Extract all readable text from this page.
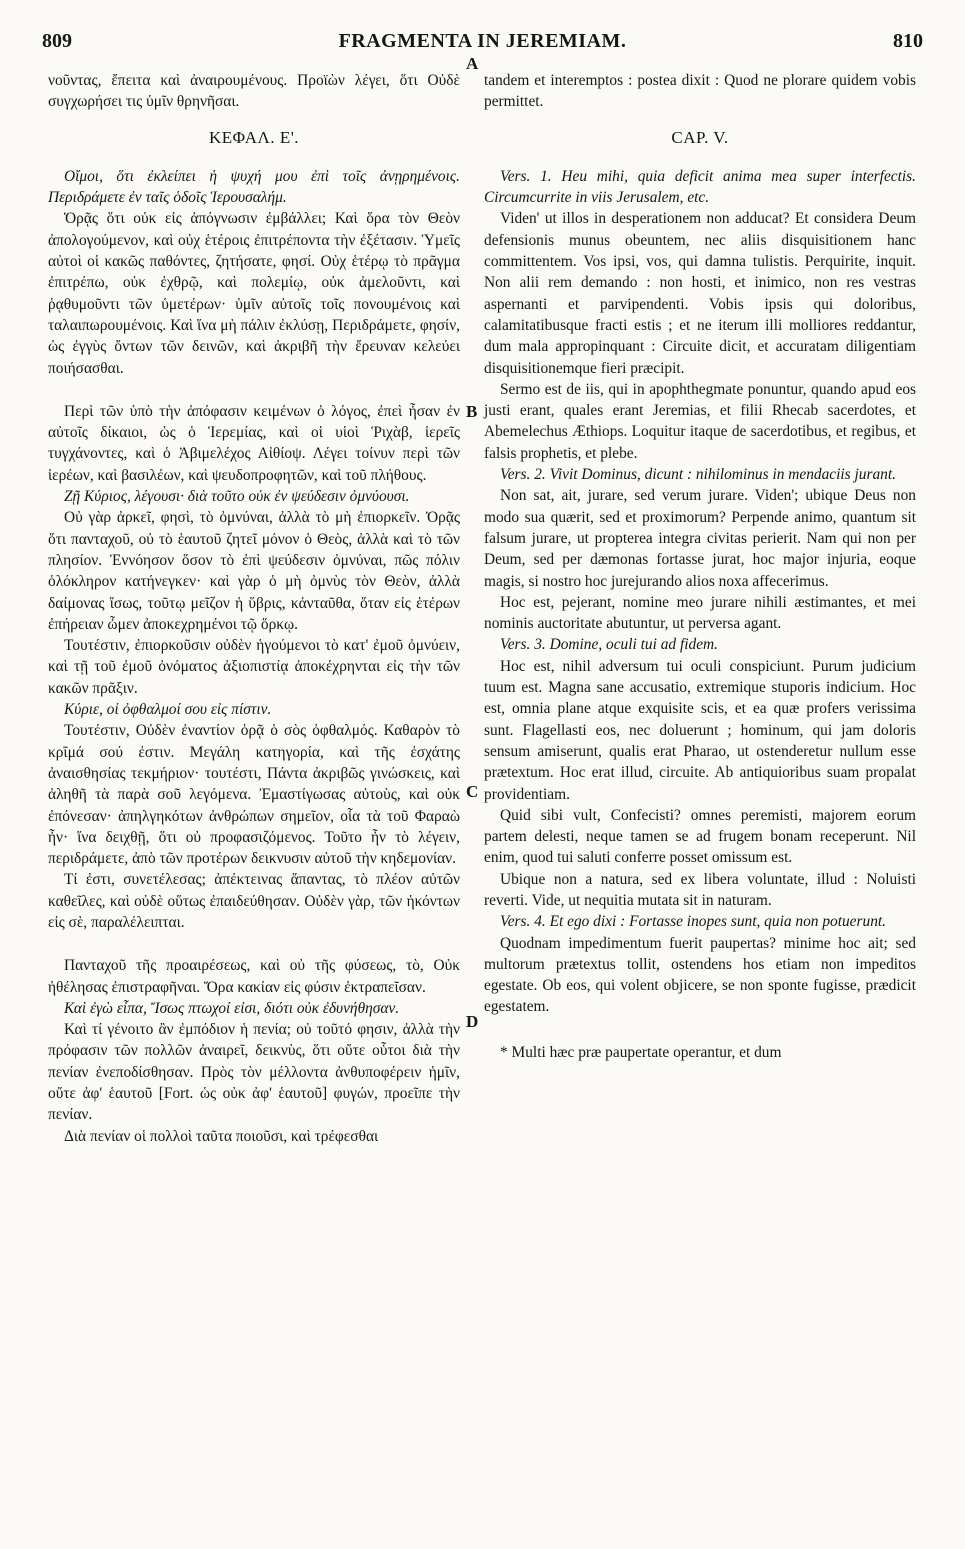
809	FRAGMENTA IN JEREMIAM.	810

νοῦντας, ἔπειτα καὶ ἀναιρουμένους. Προϊὼν λέγει, ὅτι Οὐδὲ συγχωρήσει τις ὑμῖν θρηνῆσαι.

ΚΕΦΑΛ. Ε'.

Οἴμοι, ὅτι ἐκλείπει ἡ ψυχή μου ἐπὶ τοῖς ἀνῃρημένοις. Περιδράμετε ἐν ταῖς ὁδοῖς Ἱερουσαλήμ.

Ὁρᾷς ὅτι οὐκ εἰς ἀπόγνωσιν ἐμβάλλει; Καὶ ὅρα τὸν Θεὸν ἀπολογούμενον, καὶ οὐχ ἑτέροις ἐπιτρέποντα τὴν ἐξέτασιν. Ὑμεῖς αὐτοὶ οἱ κακῶς παθόντες, ζητήσατε, φησί. Οὐχ ἑτέρῳ τὸ πρᾶγμα ἐπιτρέπω, οὐκ ἐχθρῷ, καὶ πολεμίῳ, οὐκ ἀμελοῦντι, καὶ ῥᾳθυμοῦντι τῶν ὑμετέρων· ὑμῖν αὐτοῖς τοῖς πονουμένοις καὶ ταλαιπωρουμένοις. Καὶ ἵνα μὴ πάλιν ἐκλύσῃ, Περιδράμετε, φησίν, ὡς ἐγγὺς ὄντων τῶν δεινῶν, καὶ ἀκριβῆ τὴν ἔρευναν κελεύει ποιήσασθαι.

Περὶ τῶν ὑπὸ τὴν ἀπόφασιν κειμένων ὁ λόγος, ἐπεὶ ἦσαν ἐν αὐτοῖς δίκαιοι, ὡς ὁ Ἱερεμίας, καὶ οἱ υἱοὶ Ῥιχὰβ, ἱερεῖς τυγχάνοντες, καὶ ὁ Ἀβιμελέχος Αἰθίοψ. Λέγει τοίνυν περὶ τῶν ἱερέων, καὶ βασιλέων, καὶ ψευδοπροφητῶν, καὶ τοῦ πλήθους.

Ζῇ Κύριος, λέγουσι· διὰ τοῦτο οὐκ ἐν ψεύδεσιν ὀμνύουσι.

Οὐ γὰρ ἀρκεῖ, φησὶ, τὸ ὀμνύναι, ἀλλὰ τὸ μὴ ἐπιορκεῖν. Ὁρᾷς ὅτι πανταχοῦ, οὐ τὸ ἑαυτοῦ ζητεῖ μόνον ὁ Θεὸς, ἀλλὰ καὶ τὸ τῶν πλησίον. Ἐννόησον ὅσον τὸ ἐπὶ ψεύδεσιν ὀμνύναι, πῶς πόλιν ὁλόκληρον κατήνεγκεν· καὶ γὰρ ὁ μὴ ὀμνὺς τὸν Θεὸν, ἀλλὰ δαίμονας ἴσως, τοῦτῳ μεῖζον ἡ ὕβρις, κἀνταῦθα, ὅταν εἰς ἑτέρων ἐπήρειαν ὦμεν ἀποκεχρημένοι τῷ ὅρκῳ.

Τουτέστιν, ἐπιορκοῦσιν οὐδὲν ἡγούμενοι τὸ κατ' ἐμοῦ ὀμνύειν, καὶ τῇ τοῦ ἐμοῦ ὀνόματος ἀξιοπιστίᾳ ἀποκέχρηνται εἰς τὴν τῶν κακῶν πρᾶξιν.

Κύριε, οἱ ὀφθαλμοί σου εἰς πίστιν.

Τουτέστιν, Οὐδὲν ἐναντίον ὁρᾷ ὁ σὸς ὀφθαλμός. Καθαρὸν τὸ κρῖμά σού ἐστιν. Μεγάλη κατηγορία, καὶ τῆς ἐσχάτης ἀναισθησίας τεκμήριον· τουτέστι, Πάντα ἀκριβῶς γινώσκεις, καὶ ἀληθῆ τὰ παρὰ σοῦ λεγόμενα. Ἐμαστίγωσας αὐτοὺς, καὶ οὐκ ἐπόνεσαν· ἀπηλγηκότων ἀνθρώπων σημεῖον, οἷα τὰ τοῦ Φαραὼ ἦν· ἵνα δειχθῇ, ὅτι οὐ προφασιζόμενος. Τοῦτο ἦν τὸ λέγειν, περιδράμετε, ἀπὸ τῶν προτέρων δεικνυσιν αὐτοῦ τὴν κηδεμονίαν.

Τί ἐστι, συνετέλεσας; ἀπέκτεινας ἅπαντας, τὸ πλέον αὐτῶν καθεῖλες, καὶ οὐδὲ οὕτως ἐπαιδεύθησαν. Οὐδὲν γὰρ, τῶν ἡκόντων εἰς σὲ, παραλέλειπται.

Πανταχοῦ τῆς προαιρέσεως, καὶ οὐ τῆς φύσεως, τὸ, Οὐκ ἠθέλησας ἐπιστραφῆναι. Ὅρα κακίαν εἰς φύσιν ἐκτραπεῖσαν.

Καὶ ἐγὼ εἶπα, Ἴσως πτωχοί εἰσι, διότι οὐκ ἐδυνήθησαν.

Καὶ τί γένοιτο ἂν ἐμπόδιον ἡ πενία; οὐ τοῦτό φησιν, ἀλλὰ τὴν πρόφασιν τῶν πολλῶν ἀναιρεῖ, δεικνὺς, ὅτι οὔτε οὗτοι διὰ τὴν πενίαν ἐνεποδίσθησαν. Πρὸς τὸν μέλλοντα ἀνθυποφέρειν ἡμῖν, οὔτε ἀφ' ἑαυτοῦ [Fort. ὡς οὐκ ἀφ' ἑαυτοῦ] φυγών, προεῖπε τὴν πενίαν.

Διὰ πενίαν οἱ πολλοὶ ταῦτα ποιοῦσι, καὶ τρέφεσθαι

tandem et interemptos : postea dixit : Quod ne plorare quidem vobis permittet.

CAP. V.

Vers. 1. Heu mihi, quia deficit anima mea super interfectis. Circumcurrite in viis Jerusalem, etc.

Viden' ut illos in desperationem non adducat? Et considera Deum defensionis munus obeuntem, nec aliis disquisitionem hanc committentem. Vos ipsi, vos, qui damna tulistis. Perquirite, inquit. Non alii rem demando : non hosti, et inimico, non res vestras aspernanti et parvipendenti. Vobis ipsis qui doloribus, calamitatibusque fracti estis ; et ne iterum illi molliores reddantur, dum mala appropinquant : Circuite dicit, et accuratam diligentiam disquisitionemque fieri præcipit.

Sermo est de iis, qui in apophthegmate ponuntur, quando apud eos justi erant, quales erant Jeremias, et filii Rhecab sacerdotes, et Abemelechus Æthiops. Loquitur itaque de sacerdotibus, et regibus, et falsis prophetis, et plebe.

Vers. 2. Vivit Dominus, dicunt : nihilominus in mendaciis jurant.

Non sat, ait, jurare, sed verum jurare. Viden'; ubique Deus non modo sua quærit, sed et proximorum? Perpende animo, quantum sit falsum jurare, ut propterea integra civitas perierit. Nam qui non per Deum, sed per dæmonas fortasse jurat, hoc major injuria, eoque magis, si nostro hoc jurejurando alios noxa affecerimus.

Hoc est, pejerant, nomine meo jurare nihili æstimantes, et mei nominis auctoritate abutuntur, ut perversa agant.

Vers. 3. Domine, oculi tui ad fidem.

Hoc est, nihil adversum tui oculi conspiciunt. Purum judicium tuum est. Magna sane accusatio, extremique stuporis indicium. Hoc est, omnia plane atque exquisite scis, et ea quæ profers verissima sunt. Flagellasti eos, nec doluerunt ; hominum, qui jam doloris sensum amiserunt, qualis erat Pharao, ut ostenderetur nullum esse prætextum. Hoc erat illud, circuite. Ab antiquioribus suam propalat providentiam.

Quid sibi vult, Confecisti? omnes peremisti, majorem eorum partem delesti, neque tamen se ad frugem bonam receperunt. Nil enim, quod tui saluti conferre posset omissum est.

Ubique non a natura, sed ex libera voluntate, illud : Noluisti reverti. Vide, ut nequitia mutata sit in naturam.

Vers. 4. Et ego dixi : Fortasse inopes sunt, quia non potuerunt.

Quodnam impedimentum fuerit paupertas? minime hoc ait; sed multorum prætextus tollit, ostendens hos etiam non impeditos egestate. Ob eos, qui volent objicere, se non sponte fugisse, prædicit egestatem.

* Multi hæc præ paupertate operantur, et dum

A
B
C
D
